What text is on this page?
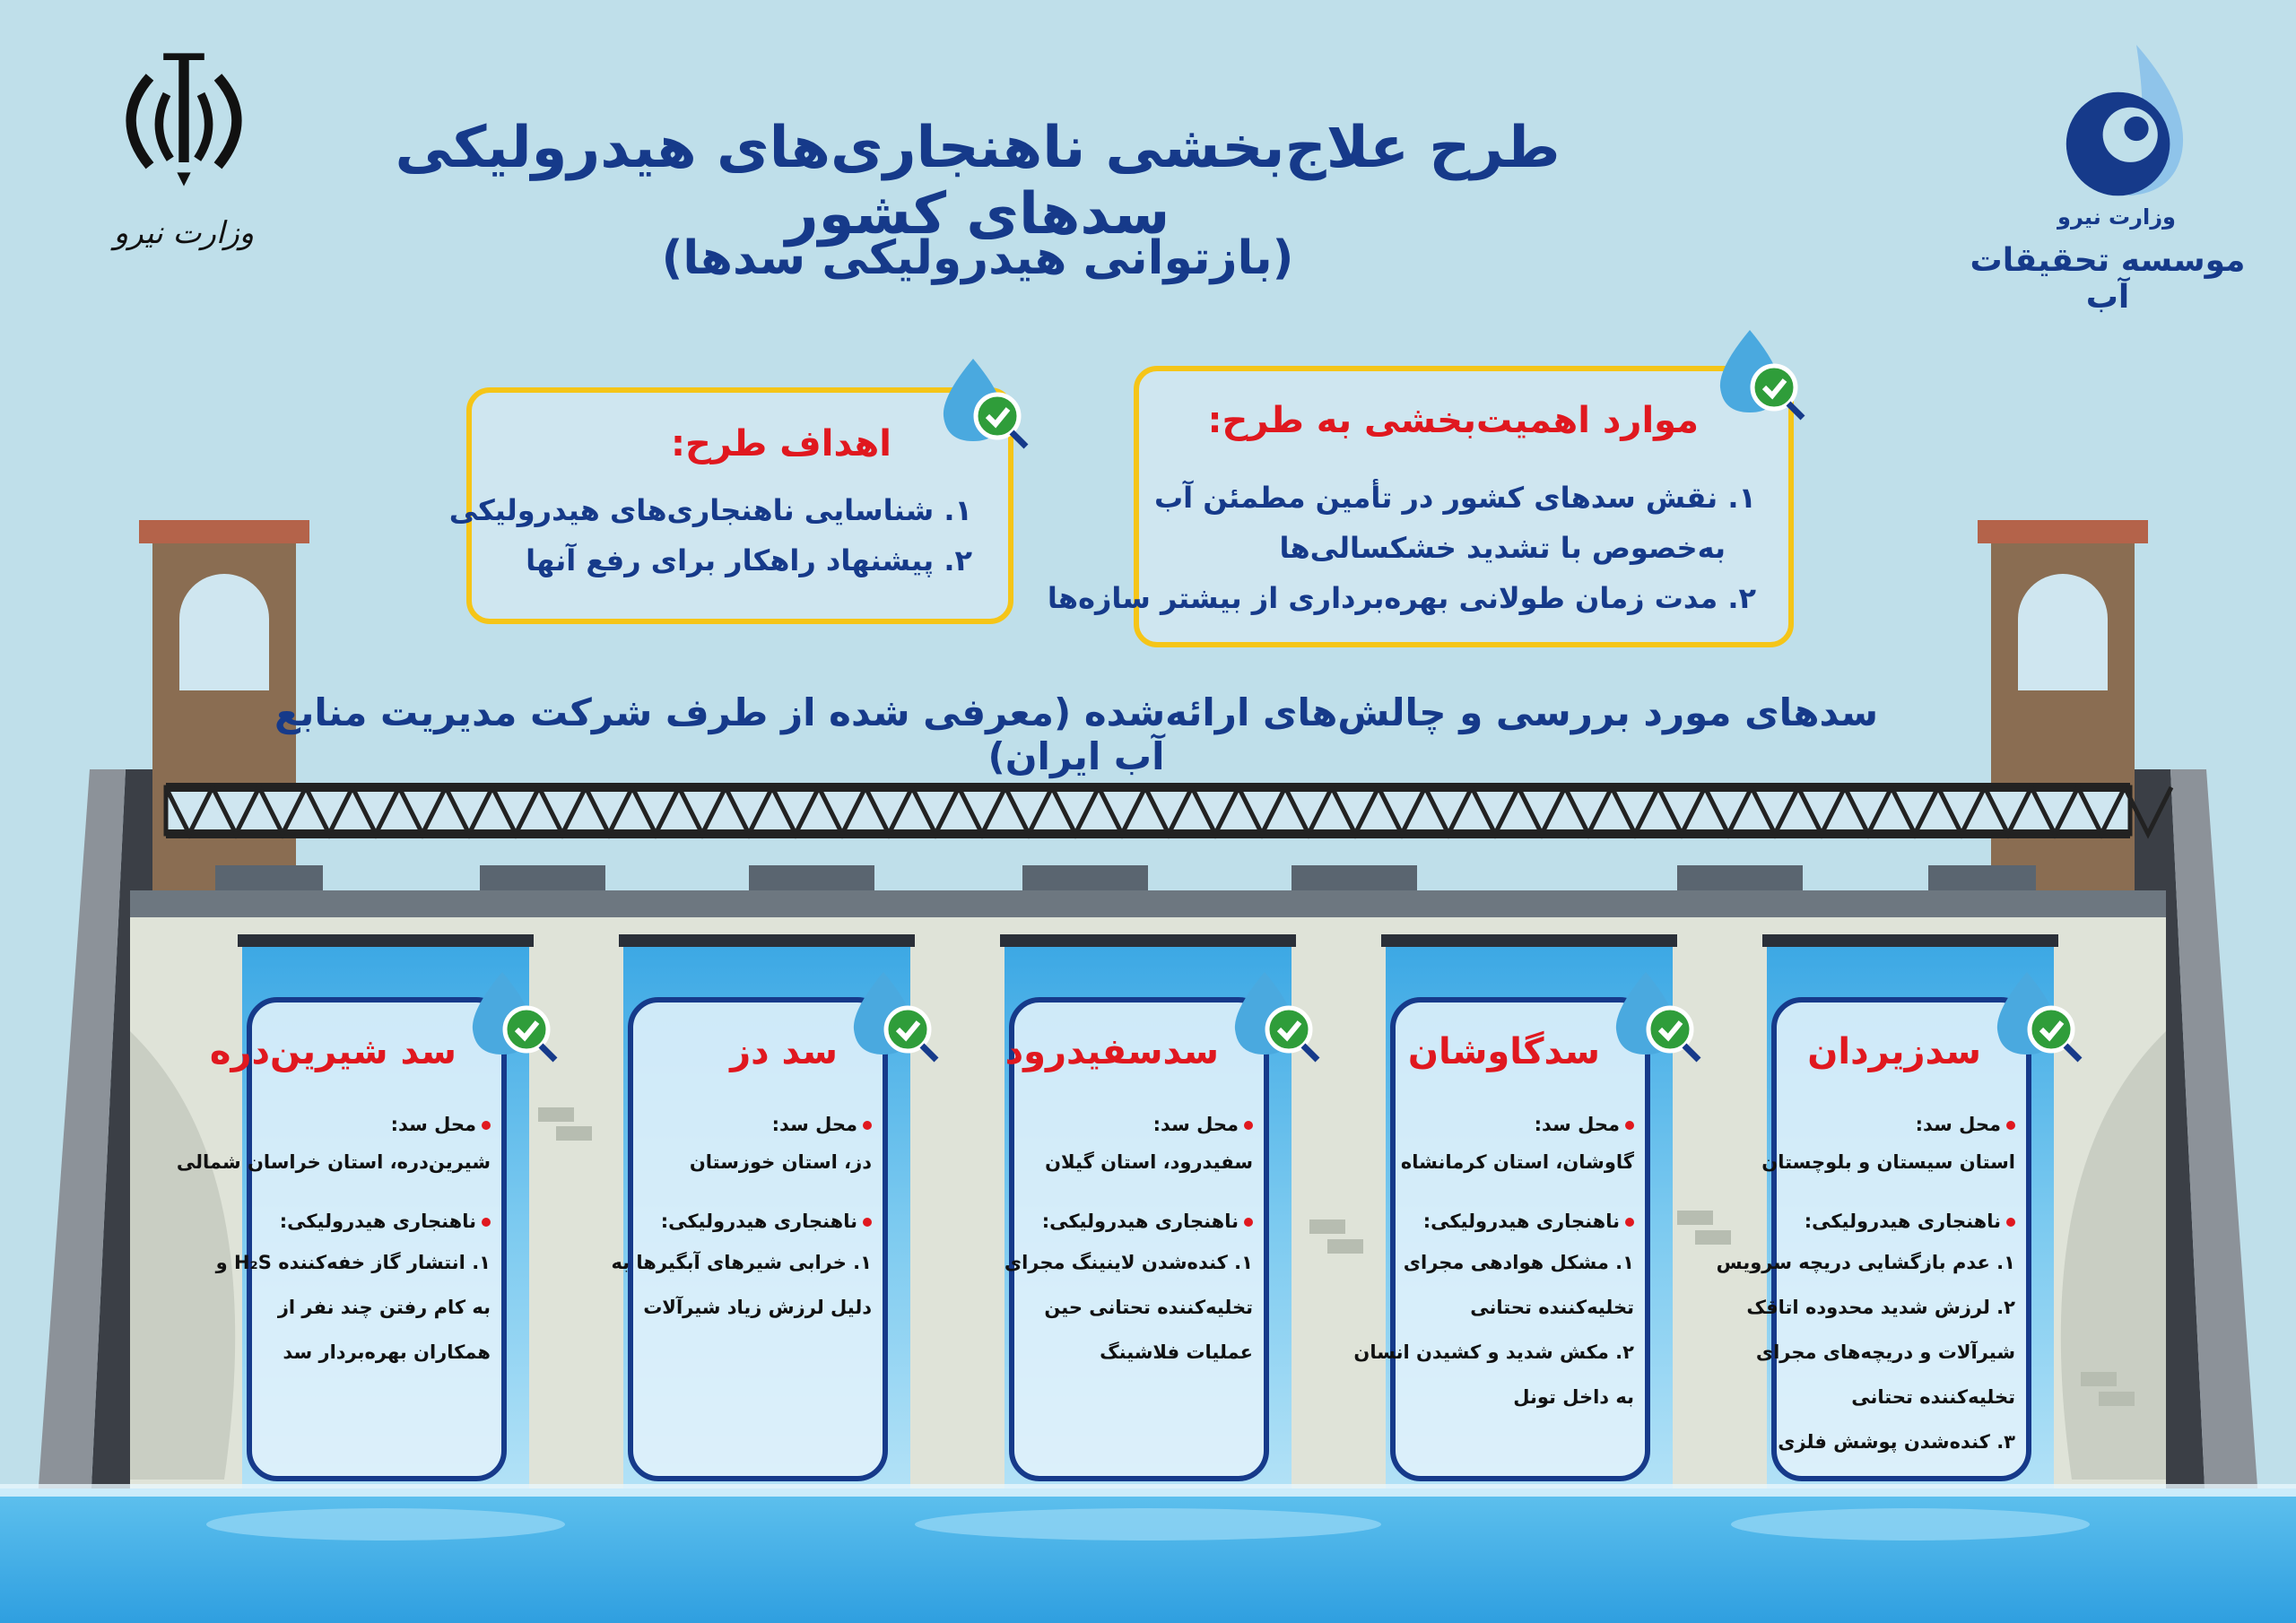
وزارت نیرو	وزارت نیرو
موسسه تحقیقات آب
طرح علاج‌بخشی ناهنجاری‌های هیدرولیکی سدهای کشور
(بازتوانی هیدرولیکی سدها)
اهداف طرح:
۱. شناسایی ناهنجاری‌های هیدرولیکی
۲. پیشنهاد راهکار برای رفع آنها
موارد اهمیت‌بخشی به طرح:
۱. نقش سدهای کشور در تأمین مطمئن آب
به‌خصوص با تشدید خشکسالی‌ها
۲. مدت زمان طولانی بهره‌برداری از بیشتر سازه‌ها
سدهای مورد بررسی و چالش‌های ارائه‌شده (معرفی شده از طرف شرکت مدیریت منابع آب ایران)
سد شیرین‌دره
محل سد:
شیرین‌دره، استان خراسان شمالی
ناهنجاری هیدرولیکی:
۱. انتشار گاز خفه‌کننده H₂S و
به کام رفتن چند نفر از
همکاران بهره‌بردار سد
سد دز
محل سد:
دز، استان خوزستان
ناهنجاری هیدرولیکی:
۱. خرابی شیرهای آبگیرها به
دلیل لرزش زیاد شیرآلات
سدسفیدرود
محل سد:
سفیدرود، استان گیلان
ناهنجاری هیدرولیکی:
۱. کنده‌شدن لاینینگ مجرای
تخلیه‌کننده تحتانی حین
عملیات فلاشینگ
سدگاوشان
محل سد:
گاوشان، استان کرمانشاه
ناهنجاری هیدرولیکی:
۱. مشکل هوادهی مجرای
تخلیه‌کننده تحتانی
۲. مکش شدید و کشیدن انسان
به داخل تونل
سدزیردان
محل سد:
استان سیستان و بلوچستان
ناهنجاری هیدرولیکی:
۱. عدم بازگشایی دریچه سرویس
۲. لرزش شدید محدوده اتاقک
شیرآلات و دریچه‌های مجرای
تخلیه‌کننده تحتانی
۳. کنده‌شدن پوشش فلزی
